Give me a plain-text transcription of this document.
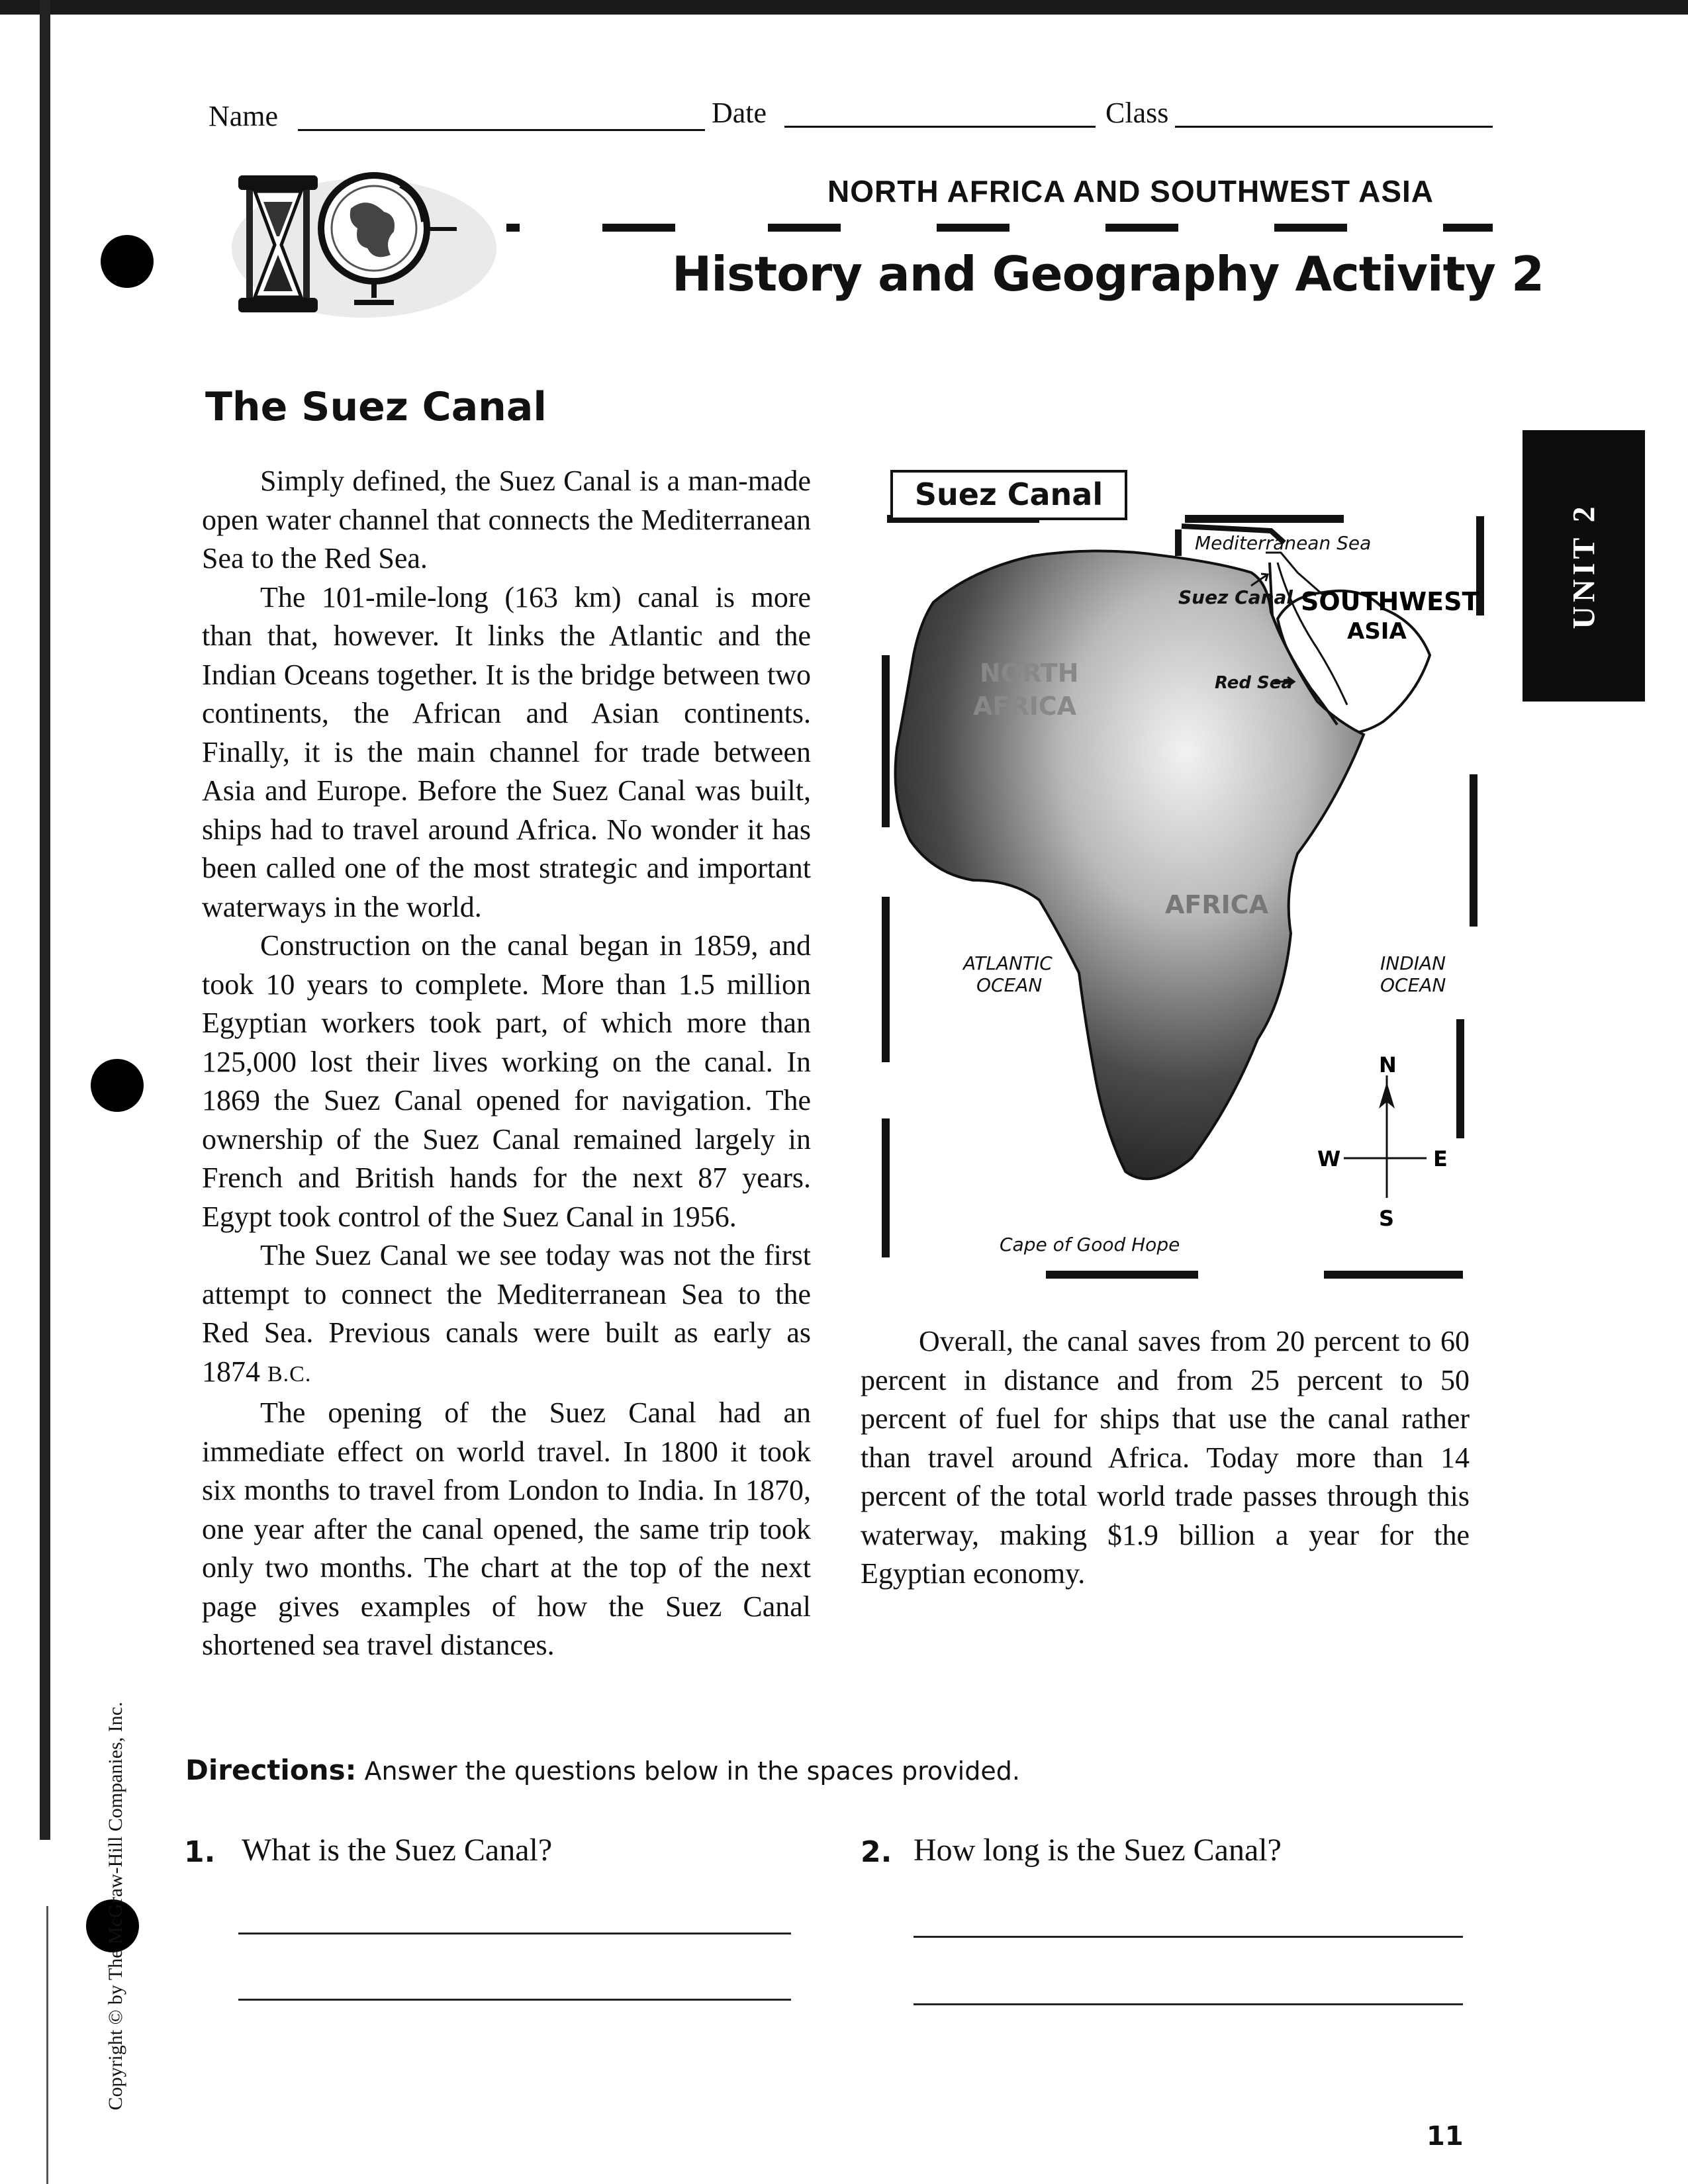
Name	Date	Class
NORTH AFRICA AND SOUTHWEST ASIA
History and Geography Activity 2
The Suez Canal

Simply defined, the Suez Canal is a man-made open water channel that connects the Mediterranean Sea to the Red Sea.

The 101-mile-long (163 km) canal is more than that, however. It links the Atlantic and the Indian Oceans together. It is the bridge between two continents, the African and Asian continents. Finally, it is the main channel for trade between Asia and Europe. Before the Suez Canal was built, ships had to travel around Africa. No wonder it has been called one of the most strategic and important waterways in the world.

Construction on the canal began in 1859, and took 10 years to complete. More than 1.5 million Egyptian workers took part, of which more than 125,000 lost their lives working on the canal. In 1869 the Suez Canal opened for navigation. The ownership of the Suez Canal remained largely in French and British hands for the next 87 years. Egypt took control of the Suez Canal in 1956.

The Suez Canal we see today was not the first attempt to connect the Mediterranean Sea to the Red Sea. Previous canals were built as early as 1874 B.C.

The opening of the Suez Canal had an immediate effect on world travel. In 1800 it took six months to travel from London to India. In 1870, one year after the canal opened, the same trip took only two months. The chart at the top of the next page gives examples of how the Suez Canal shortened sea travel distances.

UNIT 2
Mediterranean Sea
Suez Canal SOUTHWEST
ASIA
Red Sea
NORTH
AFRICA
AFRICA
ATLANTIC
OCEAN
INDIAN
OCEAN
Cape of Good Hope
N
W	E
S
Suez Canal

Overall, the canal saves from 20 percent to 60 percent in distance and from 25 percent to 50 percent of fuel for ships that use the canal rather than travel around Africa. Today more than 14 percent of the total world trade passes through this waterway, making $1.9 billion a year for the Egyptian economy.

Copyright © by The McGraw-Hill Companies, Inc. Directions: Answer the questions below in the spaces provided.
1. What is the Suez Canal?	2. How long is the Suez Canal?
11
